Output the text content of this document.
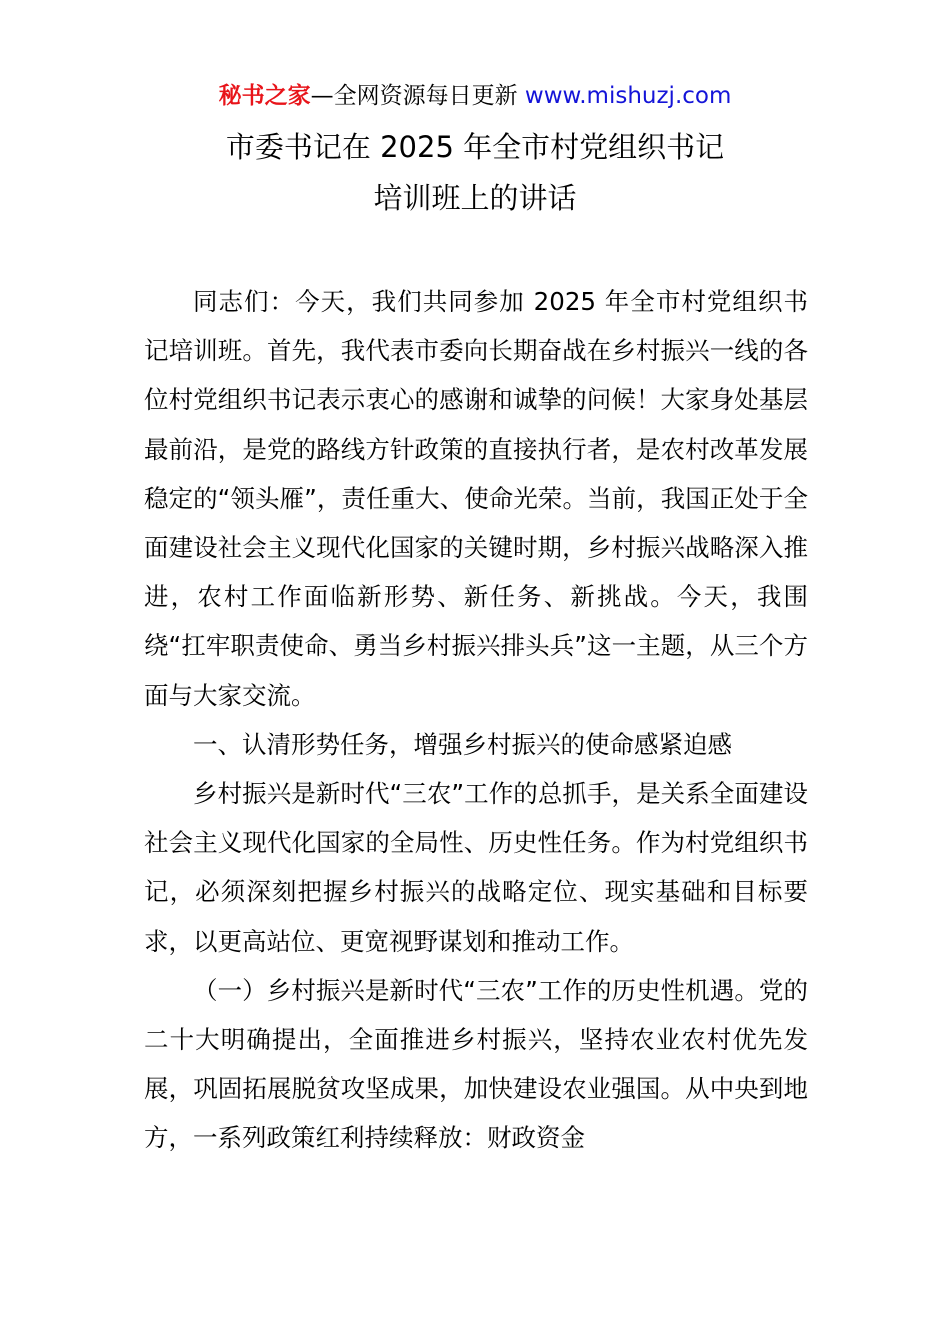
秘书之家—全网资源每日更新 www.mishuzj.com
市委书记在 2025 年全市村党组织书记
培训班上的讲话

同志们：今天，我们共同参加 2025 年全市村党组织书记培训班。首先，我代表市委向长期奋战在乡村振兴一线的各位村党组织书记表示衷心的感谢和诚挚的问候！大家身处基层最前沿，是党的路线方针政策的直接执行者，是农村改革发展稳定的“领头雁”，责任重大、使命光荣。当前，我国正处于全面建设社会主义现代化国家的关键时期，乡村振兴战略深入推进，农村工作面临新形势、新任务、新挑战。今天，我围绕“扛牢职责使命、勇当乡村振兴排头兵”这一主题，从三个方面与大家交流。

一、认清形势任务，增强乡村振兴的使命感紧迫感

乡村振兴是新时代“三农”工作的总抓手，是关系全面建设社会主义现代化国家的全局性、历史性任务。作为村党组织书记，必须深刻把握乡村振兴的战略定位、现实基础和目标要求，以更高站位、更宽视野谋划和推动工作。

（一）乡村振兴是新时代“三农”工作的历史性机遇。党的二十大明确提出，全面推进乡村振兴，坚持农业农村优先发展，巩固拓展脱贫攻坚成果，加快建设农业强国。从中央到地方，一系列政策红利持续释放：财政资金
